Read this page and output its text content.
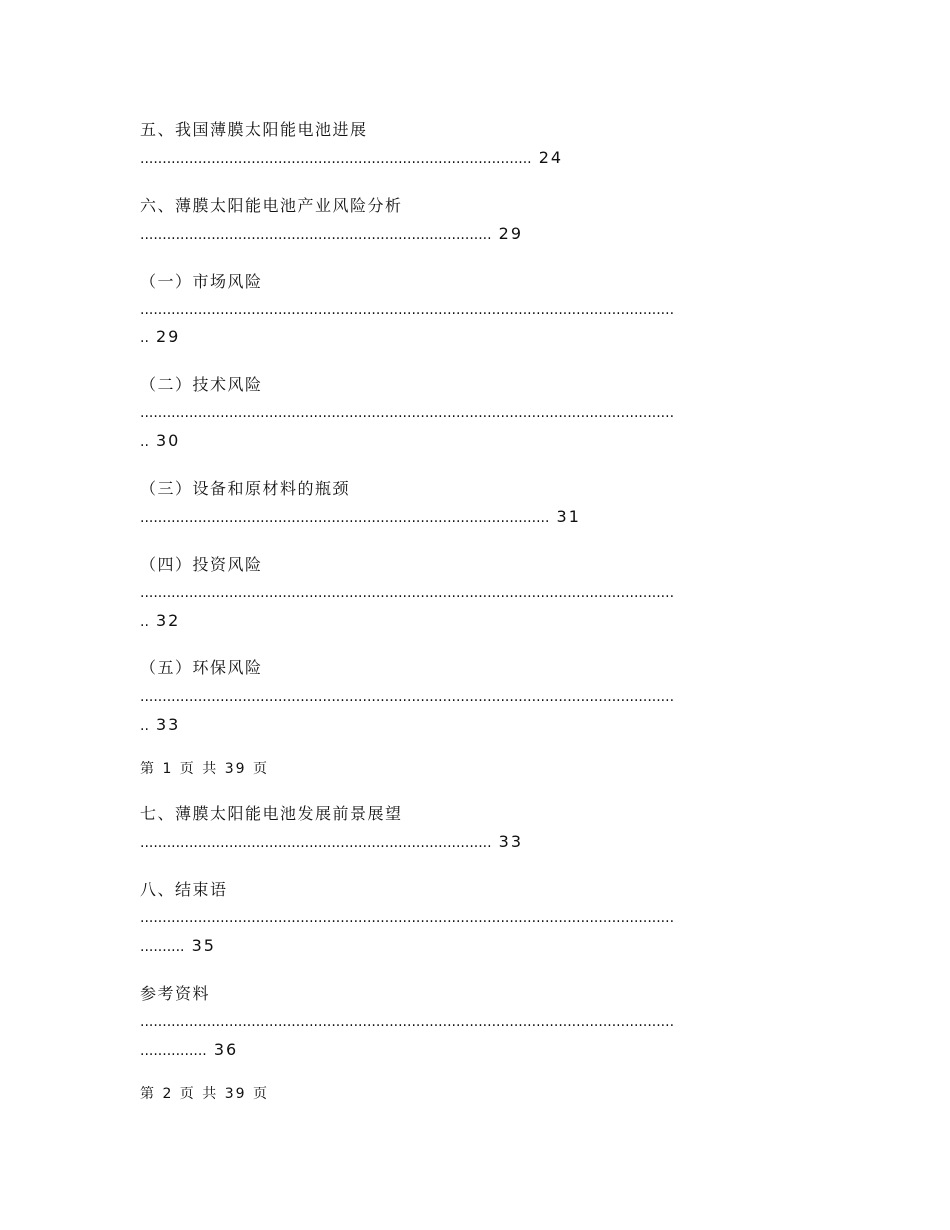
五、我国薄膜太阳能电池进展
........................................................................................ 24
六、薄膜太阳能电池产业风险分析
............................................................................... 29
（一）市场风险
........................................................................................................................
.. 29
（二）技术风险
........................................................................................................................
.. 30
（三）设备和原材料的瓶颈
............................................................................................ 31
（四）投资风险
........................................................................................................................
.. 32
（五）环保风险
........................................................................................................................
.. 33
第 1 页 共 39 页
七、薄膜太阳能电池发展前景展望
............................................................................... 33
八、结束语
........................................................................................................................
.......... 35
参考资料
........................................................................................................................
............... 36
第 2 页 共 39 页
